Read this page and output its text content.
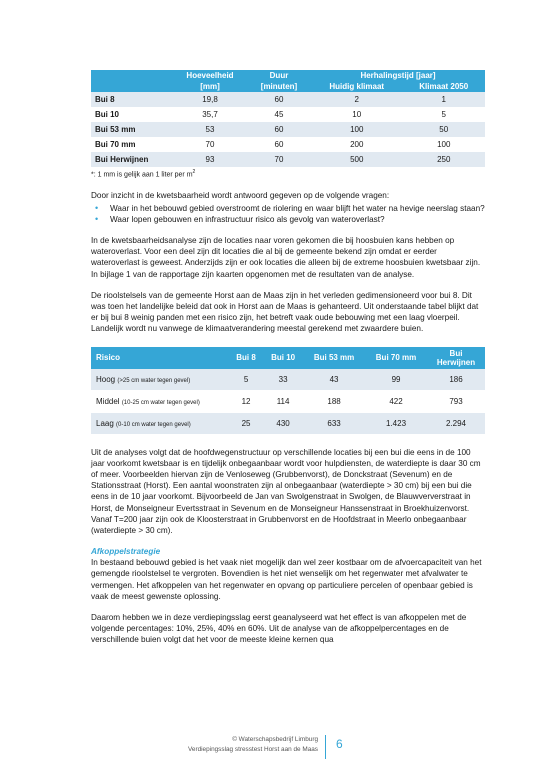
	Hoeveelheid	Duur	Herhalingstijd [jaar]	
	[mm]	[minuten]	Huidig klimaat	Klimaat 2050
Bui 8	19,8	60	2	1
Bui 10	35,7	45	10	5
Bui 53 mm	53	60	100	50
Bui 70 mm	70	60	200	100
Bui Herwijnen	93	70	500	250
*: 1 mm is gelijk aan 1 liter per $m^2$

Door inzicht in de kwetsbaarheid wordt antwoord gegeven op de volgende vragen:

• Waar in het bebouwd gebied overstroomt de riolering en waar blijft het water na hevige neerslag staan?
• Waar lopen gebouwen en infrastructuur risico als gevolg van wateroverlast?

In de kwetsbaarheidsanalyse zijn de locaties naar voren gekomen die bij hoosbuien kans hebben op wateroverlast. Voor een deel zijn dit locaties die al bij de gemeente bekend zijn omdat er eerder wateroverlast is geweest. Anderzijds zijn er ook locaties die alleen bij de extreme hoosbuien kwetsbaar zijn. In bijlage 1 van de rapportage zijn kaarten opgenomen met de resultaten van de analyse.

De rioolstelsels van de gemeente Horst aan de Maas zijn in het verleden gedimensioneerd voor bui 8. Dit was toen het landelijke beleid dat ook in Horst aan de Maas is gehanteerd. Uit onderstaande tabel blijkt dat er bij bui 8 weinig panden met een risico zijn, het betreft vaak oude bebouwing met een laag vloerpeil. Landelijk wordt nu vanwege de klimaatverandering meestal gerekend met zwaardere buien.

Risico	Bui 8	Bui 10	Bui 53 mm	Bui 70 mm	Bui Herwijnen
Hoog (>25 cm water tegen gevel)	5	33	43	99	186
Middel (10-25 cm water tegen gevel)	12	114	188	422	793
Laag (0-10 cm water tegen gevel)	25	430	633	1.423	2.294

Uit de analyses volgt dat de hoofdwegenstructuur op verschillende locaties bij een bui die eens in de 100 jaar voorkomt kwetsbaar is en tijdelijk onbegaanbaar wordt voor hulpdiensten, de waterdiepte is daar 30 cm of meer. Voorbeelden hiervan zijn de Venloseweg (Grubbenvorst), de Donckstraat (Sevenum) en de Stationsstraat (Horst). Een aantal woonstraten zijn al onbegaanbaar (waterdiepte > 30 cm) bij een bui die eens in de 10 jaar voorkomt. Bijvoorbeeld de Jan van Swolgenstraat in Swolgen, de Blauwververstraat in Horst, de Monseigneur Evertsstraat in Sevenum en de Monseigneur Hanssenstraat in Broekhuizenvorst. Vanaf T=200 jaar zijn ook de Kloosterstraat in Grubbenvorst en de Hoofdstraat in Meerlo onbegaanbaar (waterdiepte > 30 cm).

Afkoppelstrategie

In bestaand bebouwd gebied is het vaak niet mogelijk dan wel zeer kostbaar om de afvoercapaciteit van het gemengde rioolstelsel te vergroten. Bovendien is het niet wenselijk om het regenwater met afvalwater te vermengen. Het afkoppelen van het regenwater en opvang op particuliere percelen of openbaar gebied is vaak de meest gewenste oplossing.

Daarom hebben we in deze verdiepingsslag eerst geanalyseerd wat het effect is van afkoppelen met de volgende percentages: 10%, 25%, 40% en 60%. Uit de analyse van de afkoppelpercentages en de verschillende buien volgt dat het voor de meeste kleine kernen qua

© Waterschapsbedrijf Limburg
Verdiepingsslag stresstest Horst aan de Maas 6
